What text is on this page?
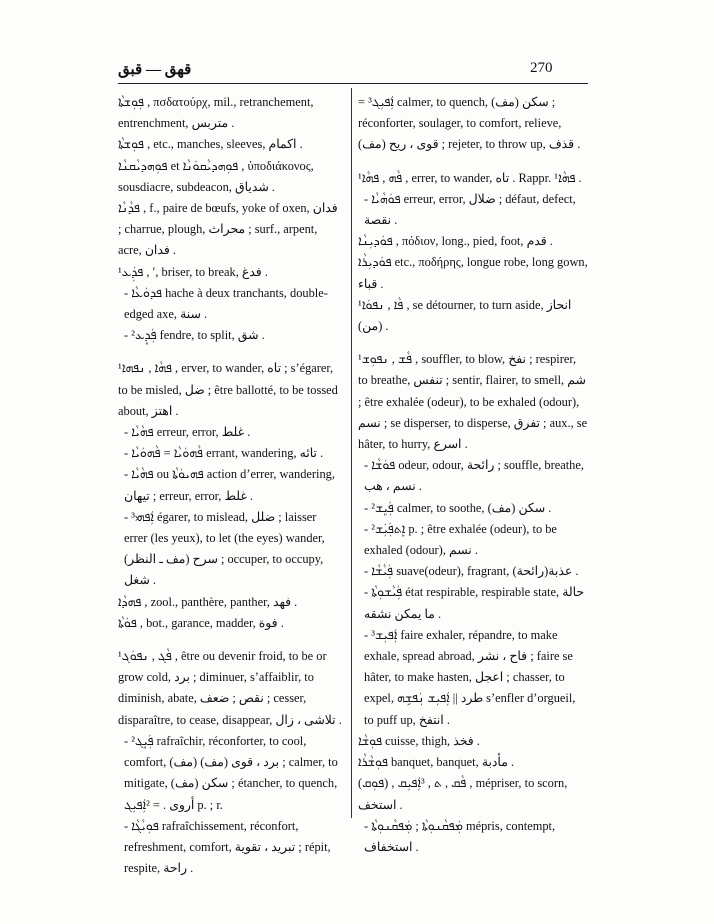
قهق — قبق	270

ܦܼܘܼܫܬܵܐ , πσδατούρχ, mil., retranchement, entrenchment, متربس .

ܦܘܼܫܬܵܐ , etc., manches, sleeves, اكمام .

ܦܘܼܗܕܝܵܩܢܵܐ et ܦܘܼܗܕܝܵܩܘܿܢܵܐ , ὑποδιάκονος, sousdiacre, subdeacon, شدياق .

ܦܕܵܢܵܐ , f., paire de bœufs, yoke of oxen, فدان ; charrue, plough, محراث ; surf., arpent, acre, فدان .

¹ܦܕܲܥ , ʹ, briser, to break, فدغ .

- ܦܕܘܿܥܵܐ hache à deux tranchants, double-edged axe, سنة .

- ²ܦܲܕܸܥ fendre, to split, شق .

¹ܦܗܵܐ , ܢܦܗܐ , erver, to wander, تاه ; s’égarer, to be misled, ضل ; être ballotté, to be tossed about, اهتز .

- ܦܗܵܝܵܐ erreur, error, غلط .

- ܦܵܗܘܿܝܵܐ = ܦܵܗܘܿܝܵܐ errant, wandering, تائه .

- ܦܗܵܝܵܐ ou ܦܗܝܘܿܬܵܐ action d’errer, wandering, تيهان ; erreur, error, غلط .

- ³ܐܲܦܗܝ égarer, to mislead, ضلل ; laisser errer (les yeux), to let (the eyes) wander, (مف ـ النظر) سرح ; occuper, to occupy, شغل .

ܦܗܕܵܐ , zool., panthère, panther, فهد .

ܦܘܿܬܵܐ , bot., garance, madder, فوة .

¹ܦܵܓ , ܢܦܘܿܓ , être ou devenir froid, to be or grow cold, برد ; diminuer, s’affaiblir, to diminish, abate, نقص ; ضعف ; cesser, disparaître, to cease, disappear, تلاشى ، زال .

- ²ܦܲܝܸܓ rafraîchir, réconforter, to cool, comfort, (مف) برد ، قوى (مف) ; calmer, to mitigate, (مف) سكن ; étancher, to quench, أروى . = ²ܐܲܦܝܼܓ p. ; r.

- ܦܘܼܝܵܓܵܐ rafraîchissement, réconfort, refreshment, comfort, تبريد ، تقوية ; répit, respite, راحة .

= ³ܐܲܦܝܼܓ calmer, to quench, (مف) سكن ; réconforter, soulager, to comfort, relieve, (مف) قوى ، ريح ; rejeter, to throw up, قذف .

¹ܦܵܗ , ܦܗܵܐ , errer, to wander, تاه . Rappr. ¹ܦܗܵܐ .

- ܦܘܿܗܵܝܵܐ erreur, error, ضلال ; défaut, defect, نقصة .

ܦܘܿܕܝܼܢܵܐ , πόδιον, long., pied, foot, قدم .

ܦܘܿܕܝܼܪܵܐ etc., ποδήρης, longue robe, long gown, قباء .

¹ܦܵܐ , ܢܦܘܿܐ , se détourner, to turn aside, انحاز (من) .

¹ܦܵܫ , ܢܦܘܼܫ , souffler, to blow, نفخ ; respirer, to breathe, تنفس ; sentir, flairer, to smell, شم ; être exhalée (odeur), to be exhaled (odour), نسم ; se disperser, to disperse, تفرق ; aux., se hâter, to hurry, اسرع .

- ܦܘܿܫܵܐ odeur, odour, رائحة ; souffle, breathe, نسم ، هب .

- ²ܦܲܝܸܫ calmer, to soothe, (مف) سكن .

- ²ܐܸܬܦܲܝܲܫ p. ; être exhalée (odeur), to be exhaled (odour), نسم .

- ܦܲܝܵܫܵܐ suave(odeur), fragrant, عذبة(رائحة) .

- ܦܲܝܵܫܘܼܬܵܐ état respirable, respirable state, حالة ما يمكن نشقه .

- ³ܐܲܦܝܼܫ faire exhaler, répandre, to make exhale, spread abroad, فاح ، نشر ; faire se hâter, to make hasten, اعجل ; chasser, to expel, طرد || ܐܲܦܝܼܫ ܢܲܦܫܹܗ s’enfler d’orgueil, to puff up, انتفخ .

ܦܘܼܫܵܐ cuisse, thigh, فخذ .

ܦܘܼܫܵܪܵܐ banquet, banquet, مأدبة .

(ܦܘܼܩ) , ܦܵܩ , ܬ , ³ܐܲܦܝܼܩ , mépriser, to scorn, استخف .

- ܡܲܦܩܵܢܘܼܬܵܐ ; ܡܲܦܩܵܢܘܼܬܵܐ mépris, contempt, استخفاف .
